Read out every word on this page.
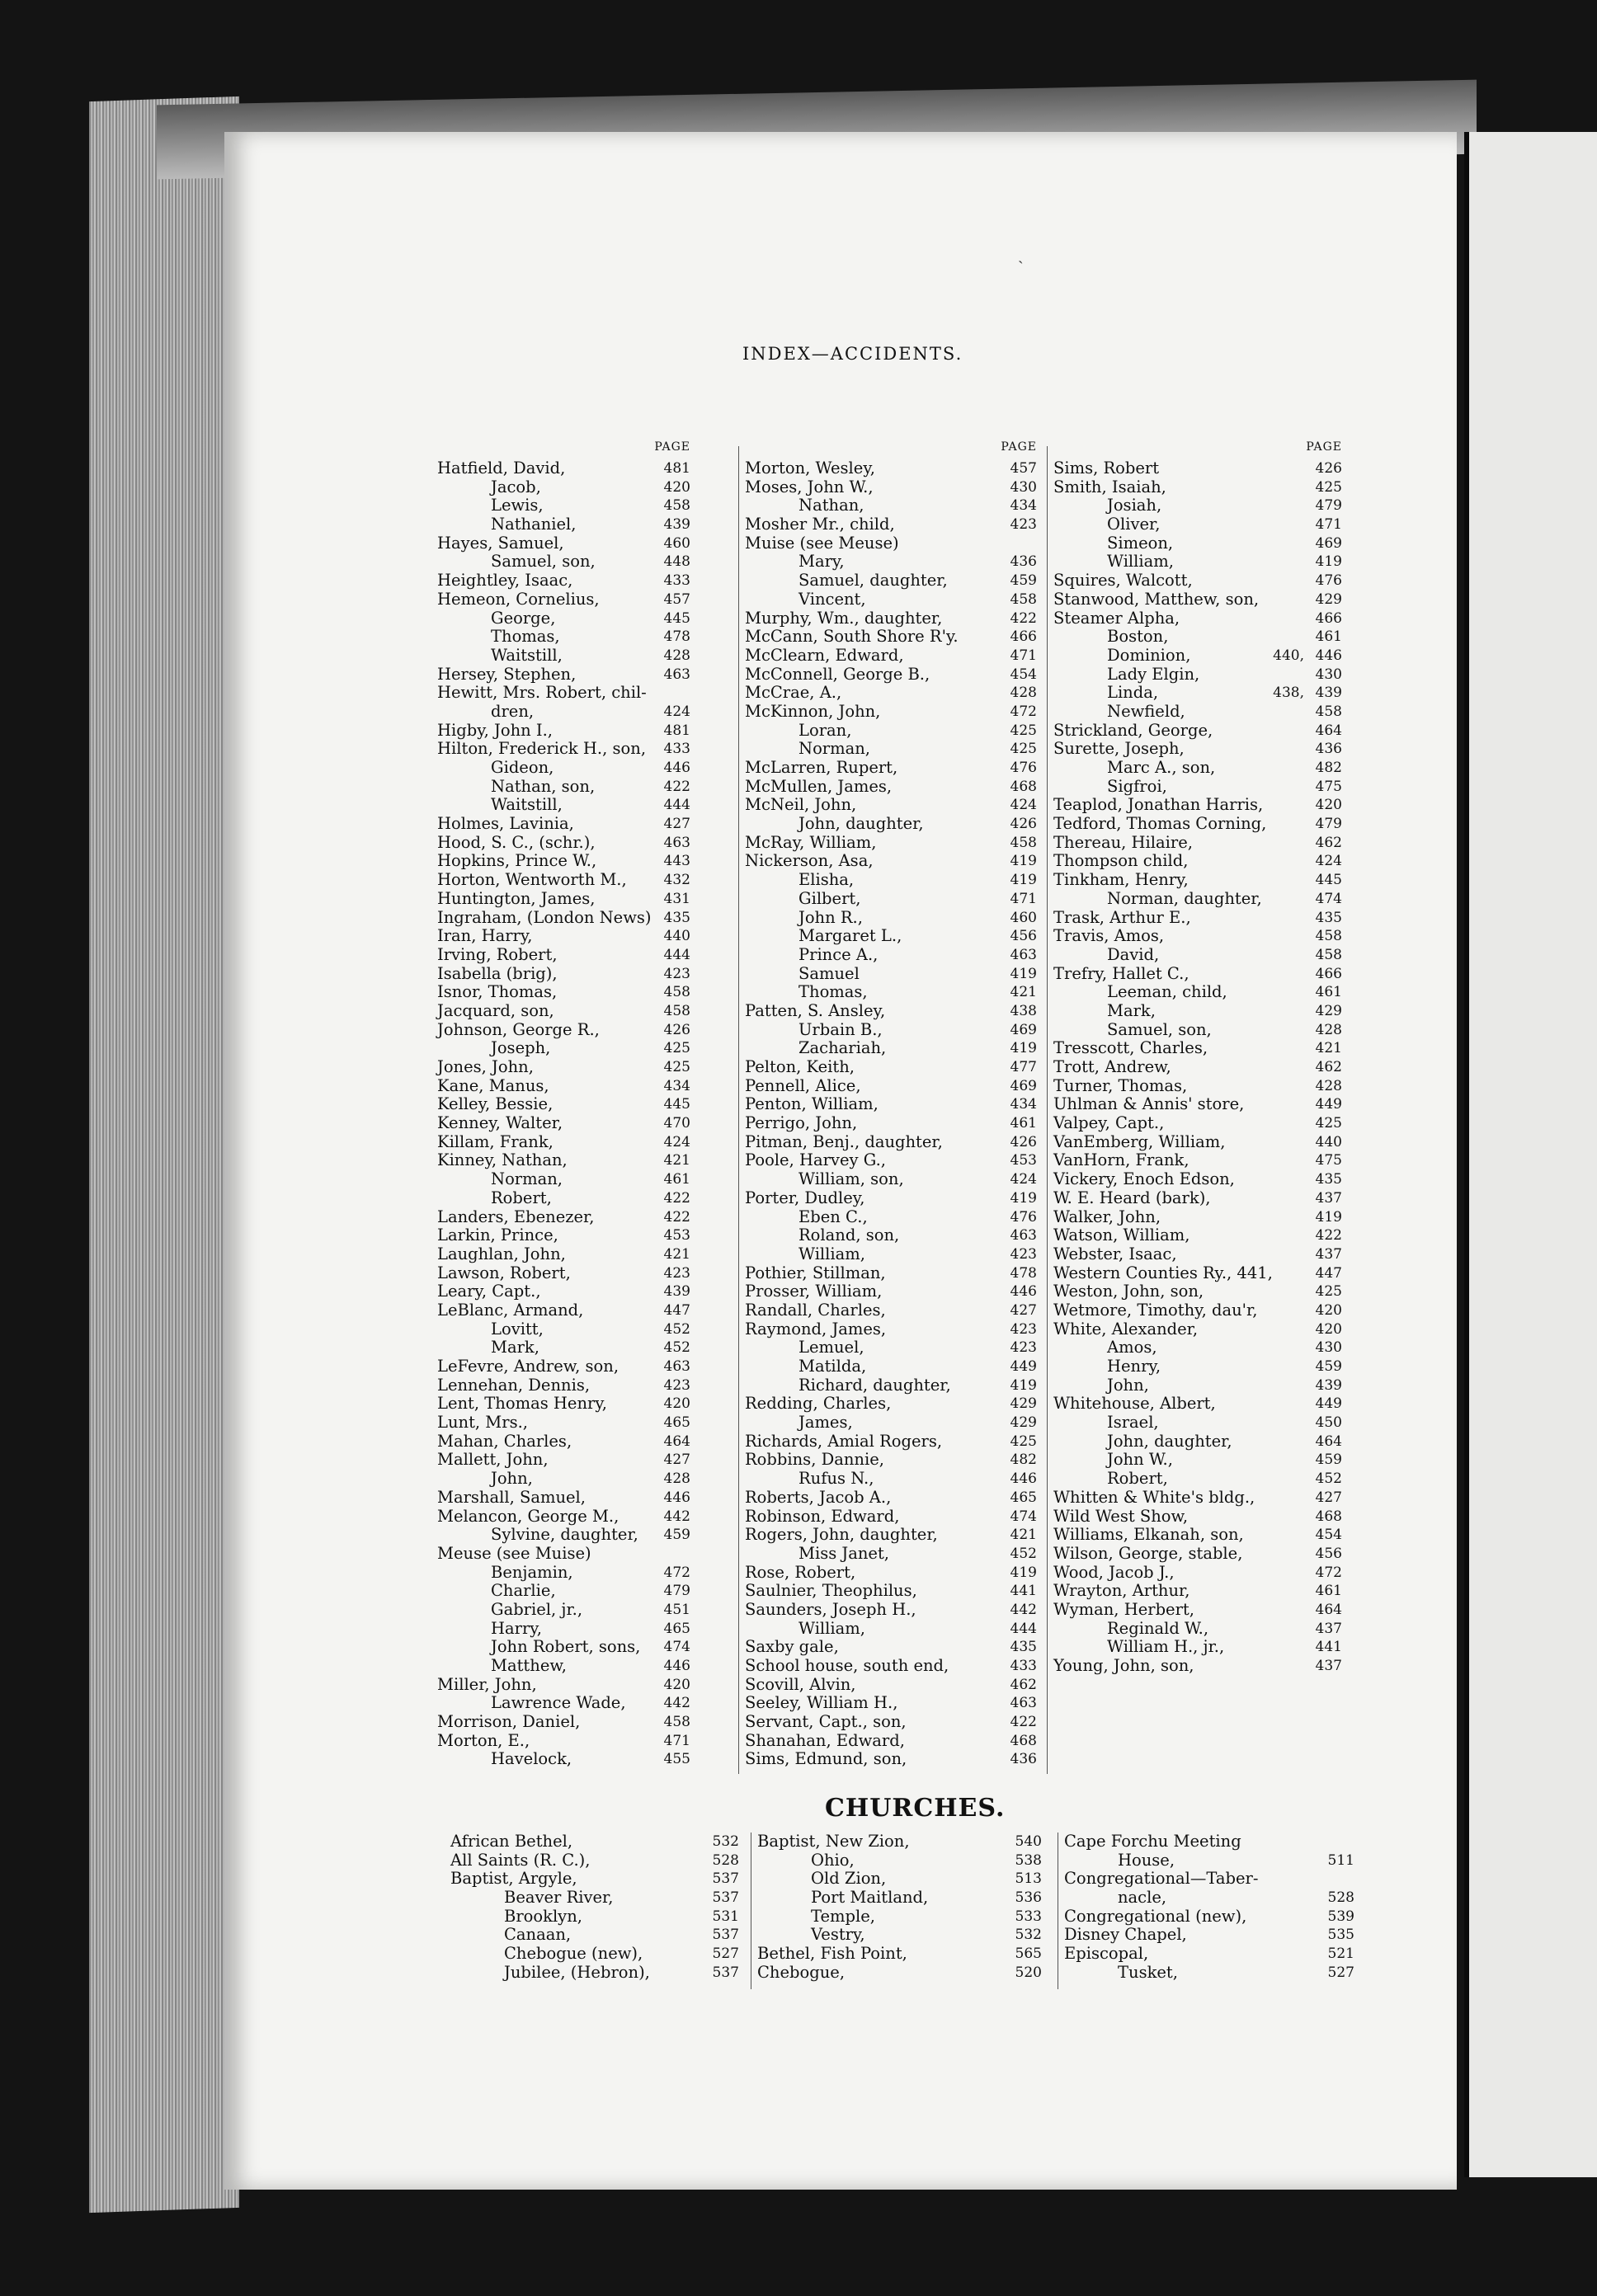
ˎ
INDEX—ACCIDENTS.
PAGE
Hatfield, David,	481
Jacob,	420
Lewis,	458
Nathaniel,	439
Hayes, Samuel,	460
Samuel, son,	448
Heightley, Isaac,	433
Hemeon, Cornelius,	457
George,	445
Thomas,	478
Waitstill,	428
Hersey, Stephen,	463
Hewitt, Mrs. Robert, chil-
dren,	424
Higby, John I.,	481
Hilton, Frederick H., son, 433
Gideon,	446
Nathan, son,	422
Waitstill,	444
Holmes, Lavinia,	427
Hood, S. C., (schr.),	463
Hopkins, Prince W.,	443
Horton, Wentworth M.,	432
Huntington, James,	431
Ingraham, (London News) 435
Iran, Harry,	440
Irving, Robert,	444
Isabella (brig),	423
Isnor, Thomas,	458
Jacquard, son,	458
Johnson, George R.,	426
Joseph,	425
Jones, John,	425
Kane, Manus,	434
Kelley, Bessie,	445
Kenney, Walter,	470
Killam, Frank,	424
Kinney, Nathan,	421
Norman,	461
Robert,	422
Landers, Ebenezer,	422
Larkin, Prince,	453
Laughlan, John,	421
Lawson, Robert,	423
Leary, Capt.,	439
LeBlanc, Armand,	447
Lovitt,	452
Mark,	452
LeFevre, Andrew, son,	463
Lennehan, Dennis,	423
Lent, Thomas Henry,	420
Lunt, Mrs.,	465
Mahan, Charles,	464
Mallett, John,	427
John,	428
Marshall, Samuel,	446
Melancon, George M.,	442
Sylvine, daughter, 459
Meuse (see Muise)
Benjamin,	472
Charlie,	479
Gabriel, jr.,	451
Harry,	465
John Robert, sons, 474
Matthew,	446
Miller, John,	420
Lawrence Wade,	442
Morrison, Daniel,	458
Morton, E.,	471
Havelock,	455
PAGE
Morton, Wesley,	457
Moses, John W.,	430
Nathan,	434
Mosher Mr., child,	423
Muise (see Meuse)
Mary,	436
Samuel, daughter,	459
Vincent,	458
Murphy, Wm., daughter,	422
McCann, South Shore R'y.	466
McClearn, Edward,	471
McConnell, George B.,	454
McCrae, A.,	428
McKinnon, John,	472
Loran,	425
Norman,	425
McLarren, Rupert,	476
McMullen, James,	468
McNeil, John,	424
John, daughter,	426
McRay, William,	458
Nickerson, Asa,	419
Elisha,	419
Gilbert,	471
John R.,	460
Margaret L.,	456
Prince A.,	463
Samuel	419
Thomas,	421
Patten, S. Ansley,	438
Urbain B.,	469
Zachariah,	419
Pelton, Keith,	477
Pennell, Alice,	469
Penton, William,	434
Perrigo, John,	461
Pitman, Benj., daughter,	426
Poole, Harvey G.,	453
William, son,	424
Porter, Dudley,	419
Eben C.,	476
Roland, son,	463
William,	423
Pothier, Stillman,	478
Prosser, William,	446
Randall, Charles,	427
Raymond, James,	423
Lemuel,	423
Matilda,	449
Richard, daughter,	419
Redding, Charles,	429
James,	429
Richards, Amial Rogers,	425
Robbins, Dannie,	482
Rufus N.,	446
Roberts, Jacob A.,	465
Robinson, Edward,	474
Rogers, John, daughter,	421
Miss Janet,	452
Rose, Robert,	419
Saulnier, Theophilus,	441
Saunders, Joseph H.,	442
William,	444
Saxby gale,	435
School house, south end,	433
Scovill, Alvin,	462
Seeley, William H.,	463
Servant, Capt., son,	422
Shanahan, Edward,	468
Sims, Edmund, son,	436
PAGE
Sims, Robert	426
Smith, Isaiah,	425
Josiah,	479
Oliver,	471
Simeon,	469
William,	419
Squires, Walcott,	476
Stanwood, Matthew, son,	429
Steamer Alpha,	466
Boston,	461
Dominion,	440, 446
Lady Elgin,	430
Linda,	438, 439
Newfield,	458
Strickland, George,	464
Surette, Joseph,	436
Marc A., son,	482
Sigfroi,	475
Teaplod, Jonathan Harris,	420
Tedford, Thomas Corning,	479
Thereau, Hilaire,	462
Thompson child,	424
Tinkham, Henry,	445
Norman, daughter,	474
Trask, Arthur E.,	435
Travis, Amos,	458
David,	458
Trefry, Hallet C.,	466
Leeman, child,	461
Mark,	429
Samuel, son,	428
Tresscott, Charles,	421
Trott, Andrew,	462
Turner, Thomas,	428
Uhlman & Annis' store,	449
Valpey, Capt.,	425
VanEmberg, William,	440
VanHorn, Frank,	475
Vickery, Enoch Edson,	435
W. E. Heard (bark),	437
Walker, John,	419
Watson, William,	422
Webster, Isaac,	437
Western Counties Ry., 441,	447
Weston, John, son,	425
Wetmore, Timothy, dau'r,	420
White, Alexander,	420
Amos,	430
Henry,	459
John,	439
Whitehouse, Albert,	449
Israel,	450
John, daughter,	464
John W.,	459
Robert,	452
Whitten & White's bldg.,	427
Wild West Show,	468
Williams, Elkanah, son,	454
Wilson, George, stable,	456
Wood, Jacob J.,	472
Wrayton, Arthur,	461
Wyman, Herbert,	464
Reginald W.,	437
William H., jr.,	441
Young, John, son,	437
CHURCHES.
African Bethel,	532
All Saints (R. C.),	528
Baptist, Argyle,	537
Beaver River,	537
Brooklyn,	531
Canaan,	537
Chebogue (new),	527
Jubilee, (Hebron),	537
Baptist, New Zion,	540
Ohio,	538
Old Zion,	513
Port Maitland,	536
Temple,	533
Vestry,	532
Bethel, Fish Point,	565
Chebogue,	520
Cape Forchu Meeting
House,	511
Congregational—Taber-
nacle,	528
Congregational (new),	539
Disney Chapel,	535
Episcopal,	521
Tusket,	527
